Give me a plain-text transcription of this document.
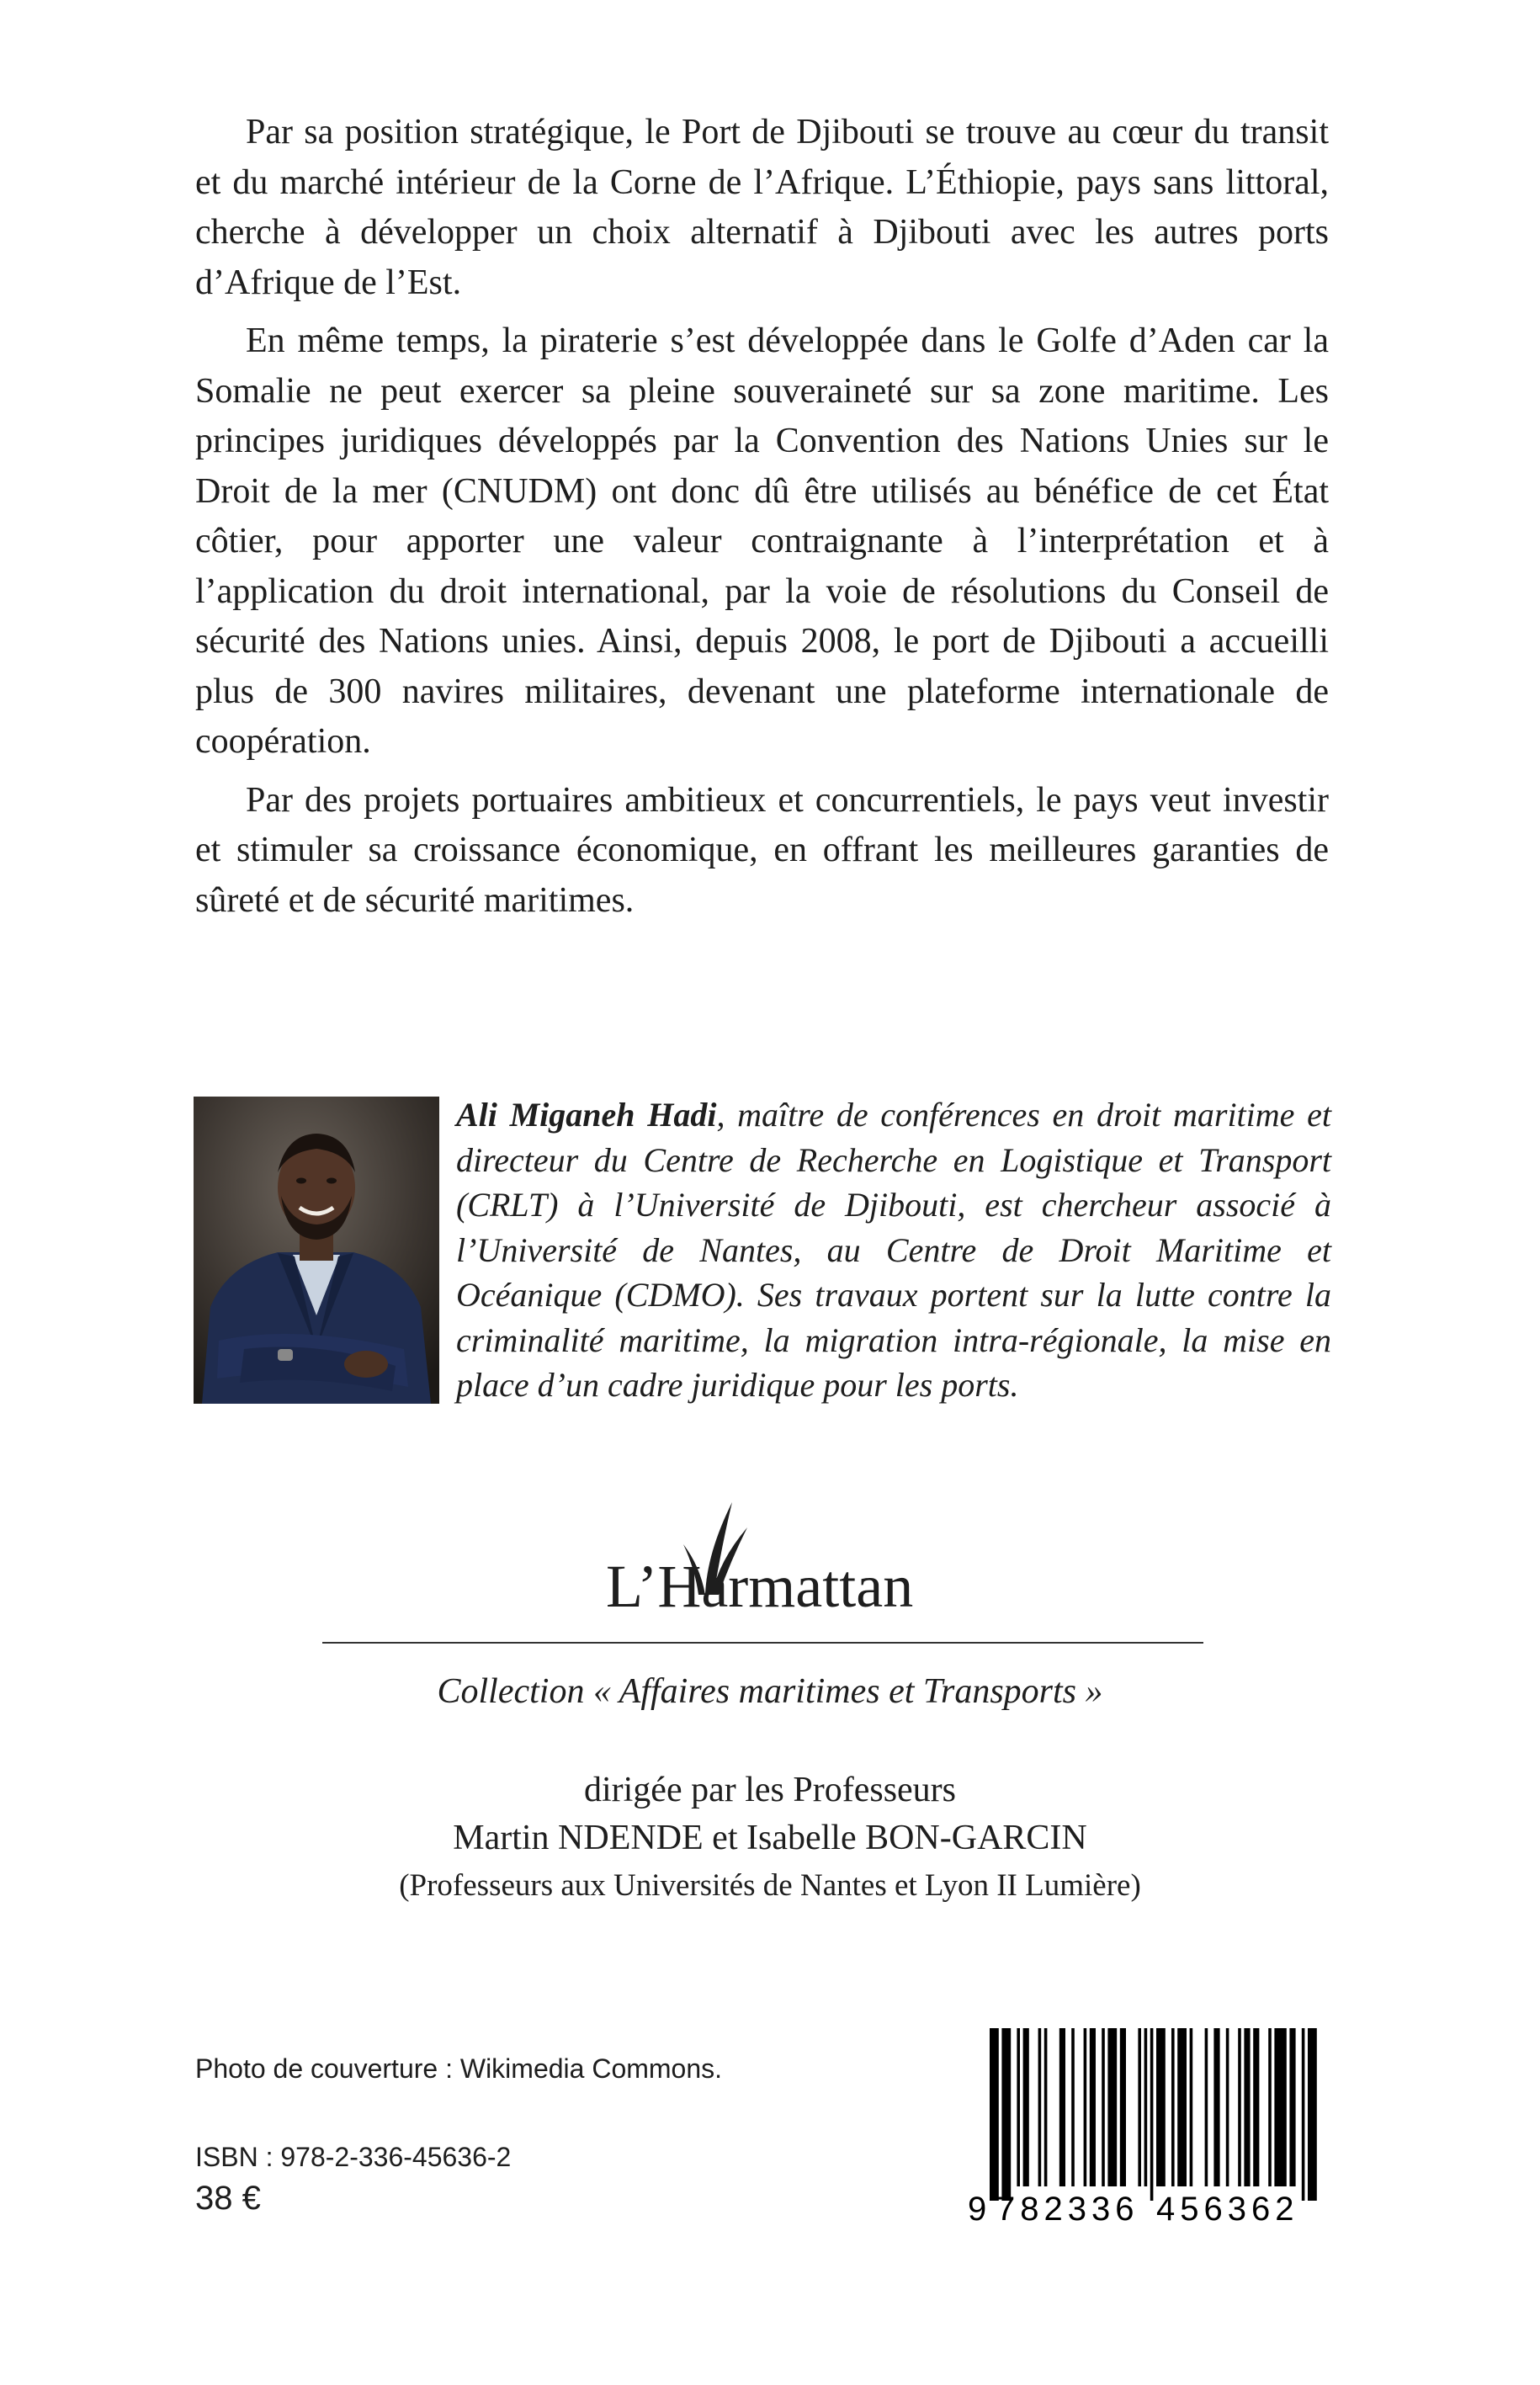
Par sa position stratégique, le Port de Djibouti se trouve au cœur du transit et du marché intérieur de la Corne de l’Afrique. L’Éthiopie, pays sans littoral, cherche à développer un choix alternatif à Djibouti avec les autres ports d’Afrique de l’Est.

En même temps, la piraterie s’est développée dans le Golfe d’Aden car la Somalie ne peut exercer sa pleine souveraineté sur sa zone maritime. Les principes juridiques développés par la Convention des Nations Unies sur le Droit de la mer (CNUDM) ont donc dû être utilisés au bénéfice de cet État côtier, pour apporter une valeur contraignante à l’interprétation et à l’application du droit international, par la voie de résolutions du Conseil de sécurité des Nations unies. Ainsi, depuis 2008, le port de Djibouti a accueilli plus de 300 navires militaires, devenant une plateforme internationale de coopération.

Par des projets portuaires ambitieux et concurrentiels, le pays veut investir et stimuler sa croissance économique, en offrant les meilleures garanties de sûreté et de sécurité maritimes.

Ali Miganeh Hadi, maître de conférences en droit maritime et directeur du Centre de Recherche en Logistique et Transport (CRLT) à l’Université de Djibouti, est chercheur associé à l’Université de Nantes, au Centre de Droit Maritime et Océanique (CDMO). Ses travaux portent sur la lutte contre la criminalité maritime, la migration intra-régionale, la mise en place d’un cadre juridique pour les ports.

L’Harmattan
Collection « Affaires maritimes et Transports »
dirigée par les Professeurs
Martin NDENDE et Isabelle BON-GARCIN
(Professeurs aux Universités de Nantes et Lyon II Lumière)
Photo de couverture : Wikimedia Commons.
ISBN : 978-2-336-45636-2
38 €	9 782336 456362
